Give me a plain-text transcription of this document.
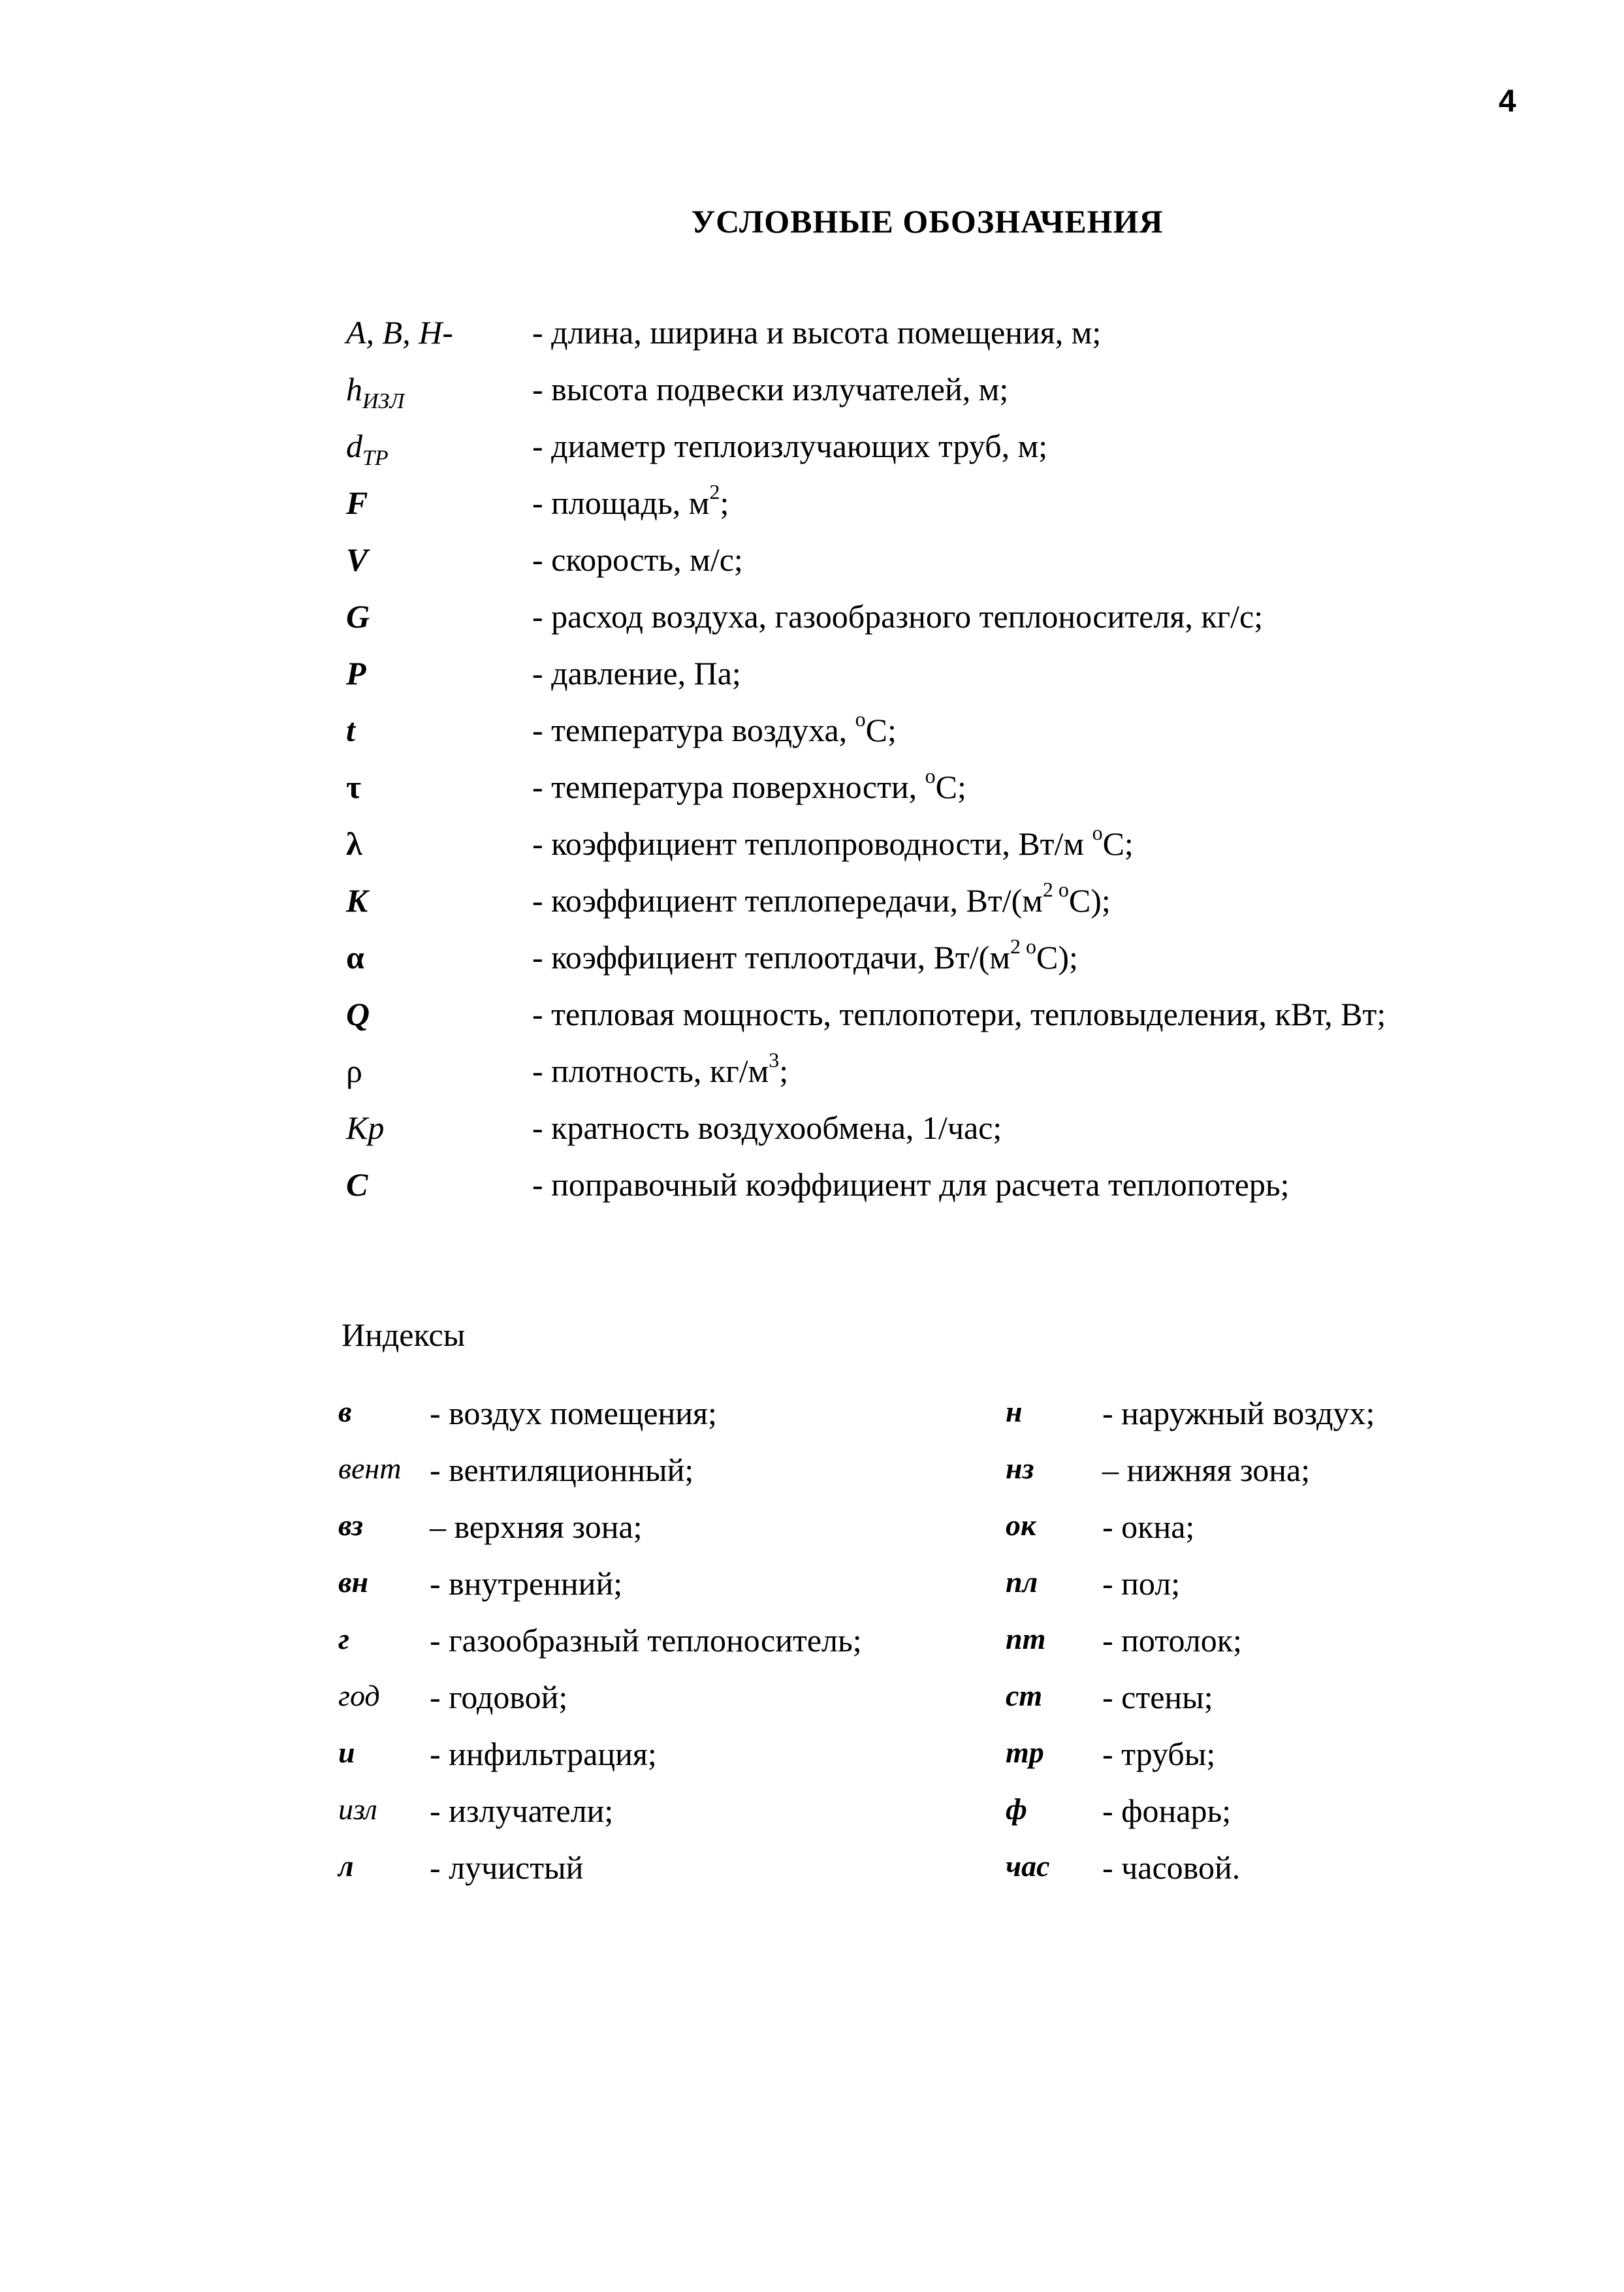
4
УСЛОВНЫЕ ОБОЗНАЧЕНИЯ
A, B, H- - длина, ширина и высота помещения, м;
$h_{ИЗЛ}$	- высота подвески излучателей, м;
$d_{ТР}$	- диаметр теплоизлучающих труб, м;
F	- площадь, $м^2$;
V	- скорость, м/с;
G	- расход воздуха, газообразного теплоносителя, кг/с;
P	- давление, Па;
t	- температура воздуха, $^o$С;
τ	- температура поверхности, $^o$С;
λ	- коэффициент теплопроводности, Вт/м $^o$С;
K	- коэффициент теплопередачи, $Вт/(м^{2 o}С)$;
α	- коэффициент теплоотдачи, $Вт/(м^{2 o}С)$;
Q	- тепловая мощность, теплопотери, тепловыделения, кВт, Вт;
ρ	- плотность, $кг/м^3$;
Kр	- кратность воздухообмена, 1/час;
C	- поправочный коэффициент для расчета теплопотерь;
Индексы
в - воздух помещения;
вент - вентиляционный;
вз – верхняя зона;
вн - внутренний;
г - газообразный теплоноситель;
год - годовой;
и - инфильтрация;
изл - излучатели;
л - лучистый
н - наружный воздух;
нз – нижняя зона;
ок - окна;
пл - пол;
пт - потолок;
ст - стены;
тр - трубы;
ф - фонарь;
час - часовой.
